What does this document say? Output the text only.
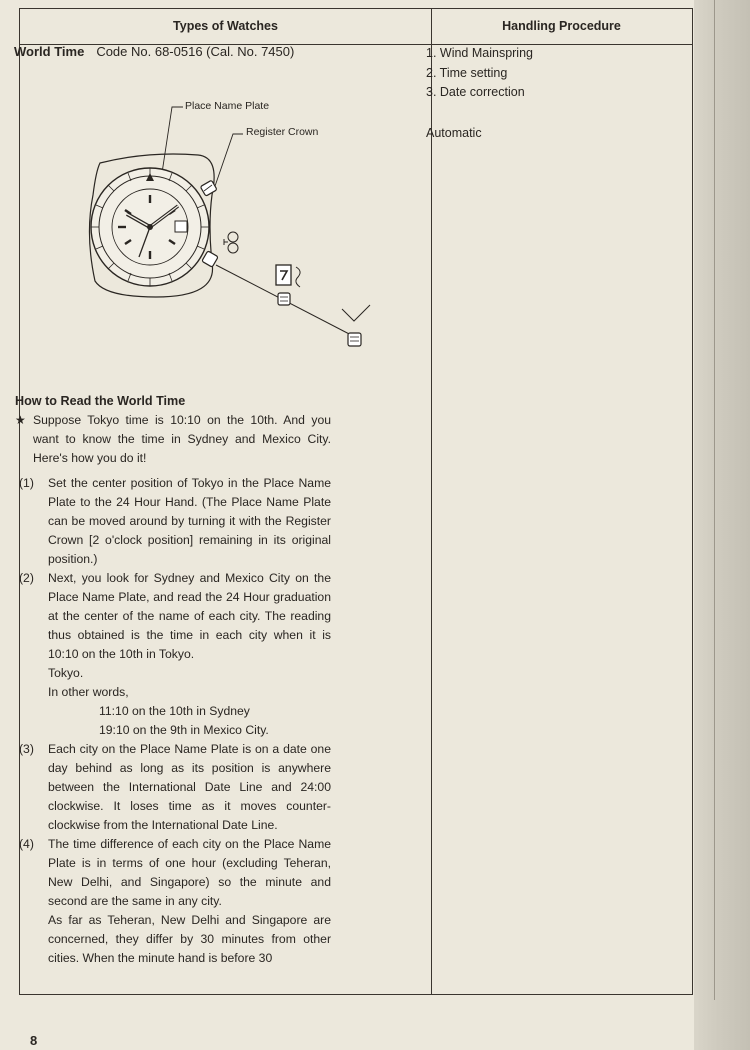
Types of Watches	Handling Procedure
World Time Code No. 68-0516 (Cal. No. 7450)
Place Name Plate
Register Crown
How to Read the World Time
★ Suppose Tokyo time is 10:10 on the 10th. And you want to know the time in Sydney and Mexico City. Here's how you do it!
(1) Set the center position of Tokyo in the Place Name Plate to the 24 Hour Hand. (The Place Name Plate can be moved around by turning it with the Register Crown [2 o'clock position] remaining in its original position.)
(2) Next, you look for Sydney and Mexico City on the Place Name Plate, and read the 24 Hour graduation at the center of the name of each city. The reading thus obtained is the time in each city when it is 10:10 on the 10th in Tokyo.
Tokyo.
In other words,
11:10 on the 10th in Sydney
19:10 on the 9th in Mexico City.
(3) Each city on the Place Name Plate is on a date one day behind as long as its position is anywhere between the International Date Line and 24:00 clockwise. It loses time as it moves counter-clockwise from the International Date Line.
(4) The time difference of each city on the Place Name Plate is in terms of one hour (excluding Teheran, New Delhi, and Singapore) so the minute and second are the same in any city.
As far as Teheran, New Delhi and Singapore are concerned, they differ by 30 minutes from other cities. When the minute hand is before 30
1. Wind Mainspring
2. Time setting
3. Date correction
Automatic
8
